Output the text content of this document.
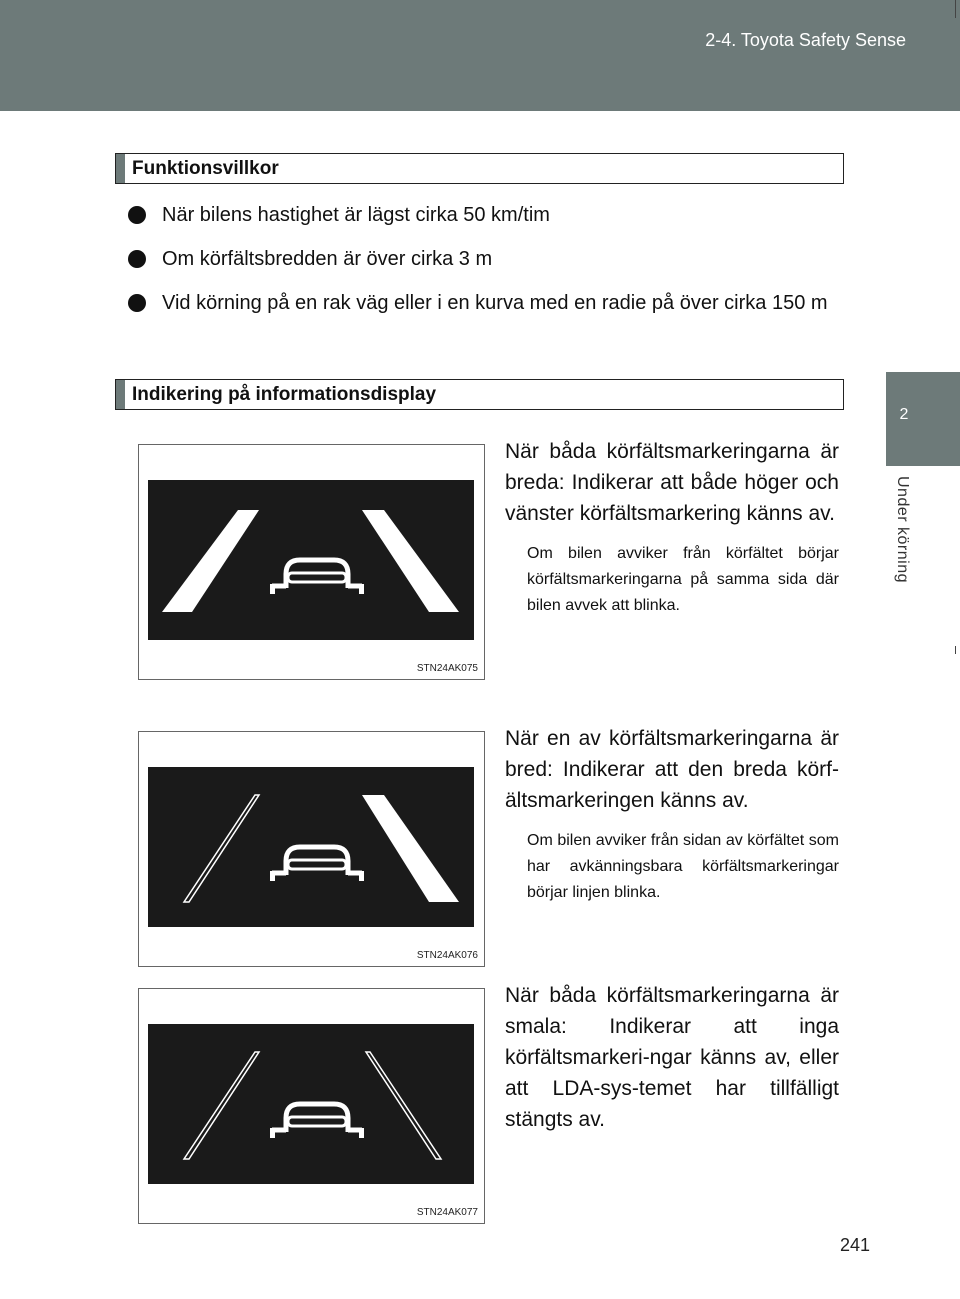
2-4. Toyota Safety Sense
2
Under körning
Funktionsvillkor
När bilens hastighet är lägst cirka 50 km/tim
Om körfältsbredden är över cirka 3 m
Vid körning på en rak väg eller i en kurva med en radie på över cirka 150 m
Indikering på informationsdisplay
STN24AK075
STN24AK076
STN24AK077
När båda körfältsmarkeringarna är breda: Indikerar att både höger och vänster körfältsmarkering känns av.
Om bilen avviker från körfältet börjar körfältsmarkeringarna på samma sida där bilen avvek att blinka.
När en av körfältsmarkeringarna är bred: Indikerar att den breda körf-ältsmarkeringen känns av.
Om bilen avviker från sidan av körfältet som har avkänningsbara körfältsmarkeringar börjar linjen blinka.
När båda körfältsmarkeringarna är smala: Indikerar att inga körfältsmarkeri-ngar känns av, eller att LDA-sys-temet har tillfälligt stängts av.
241
